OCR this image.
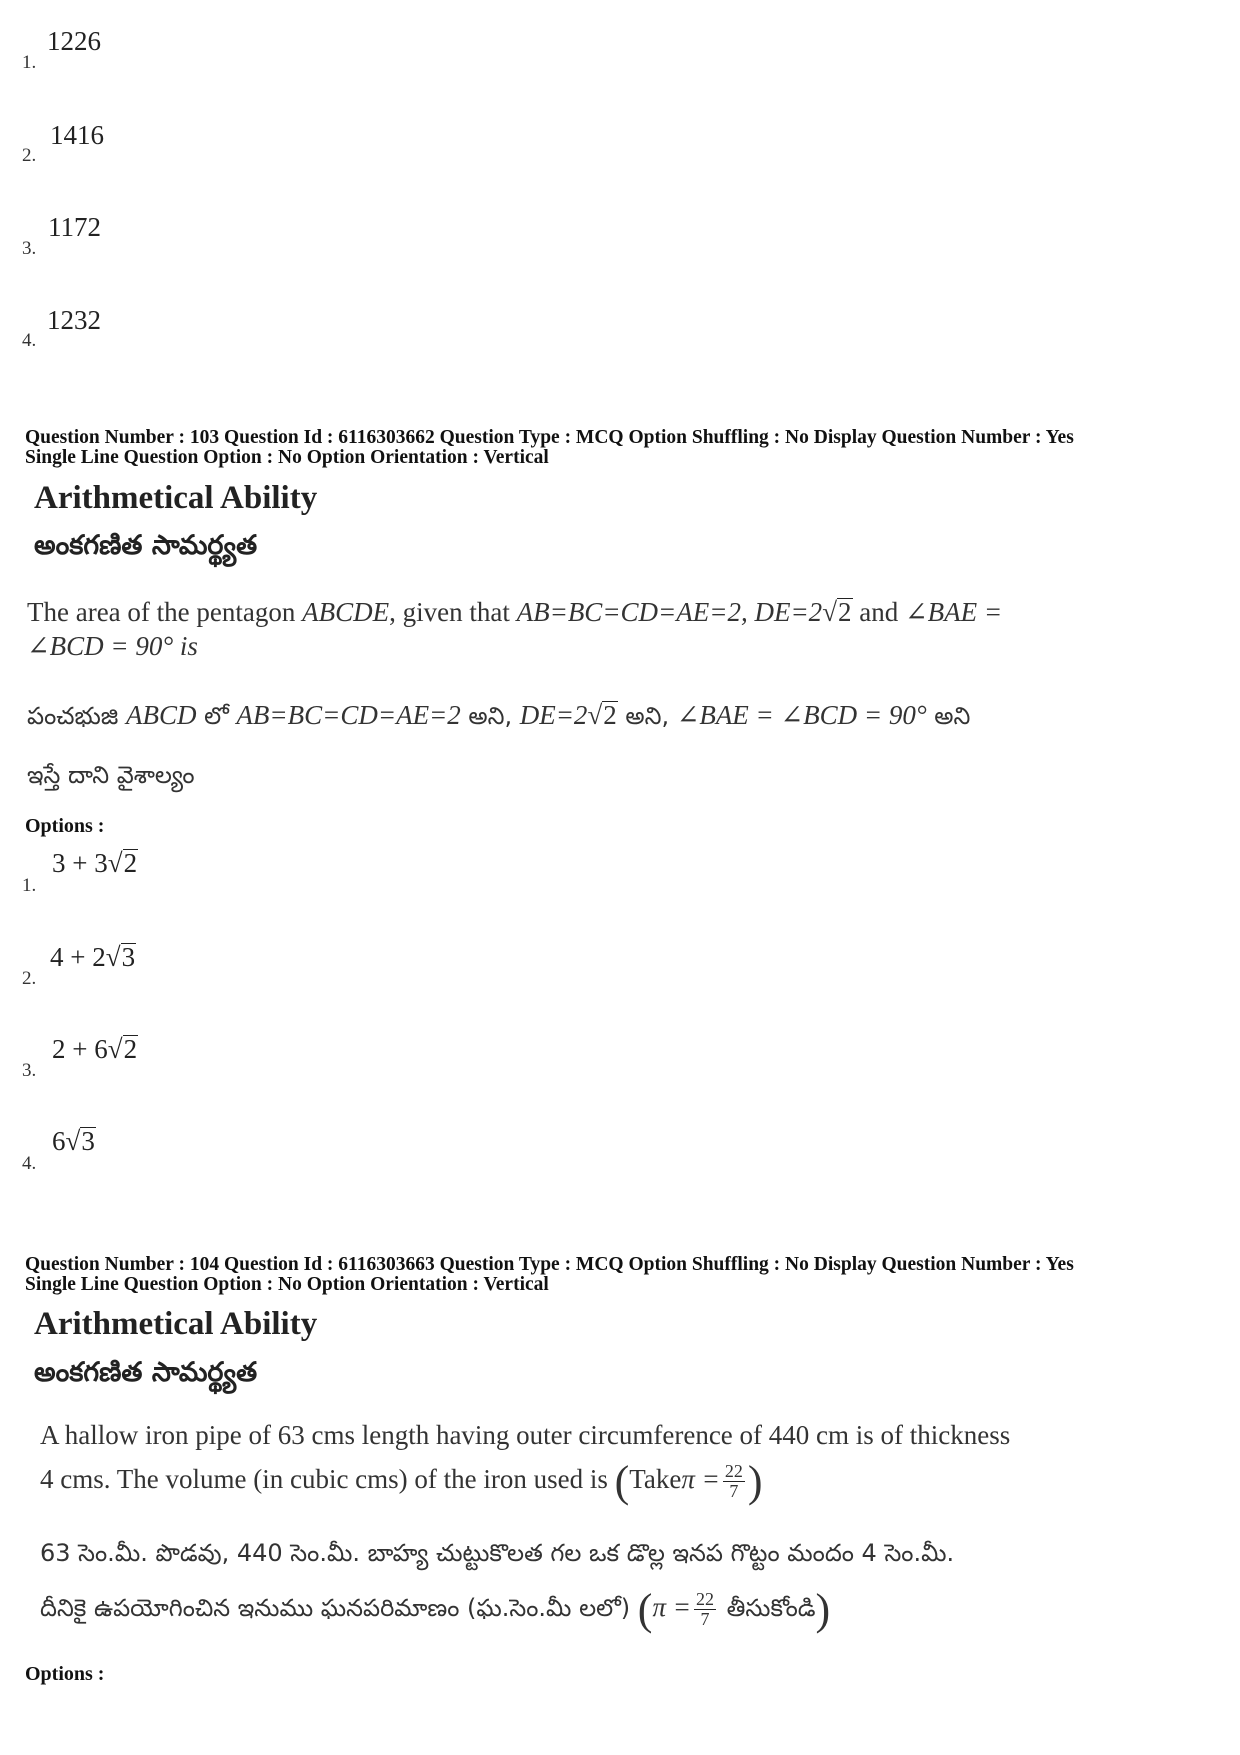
1.
1226
2.
1416
3.
1172
4.
1232
Question Number : 103 Question Id : 6116303662 Question Type : MCQ Option Shuffling : No Display Question Number : Yes
Single Line Question Option : No Option Orientation : Vertical
Arithmetical Ability
అంకగణిత సామర్థ్యత
The area of the pentagon ABCDE, given that AB=BC=CD=AE=2, DE=2√2 and ∠BAE =
∠BCD = 90° is
పంచభుజి ABCD లో AB=BC=CD=AE=2 అని, DE=2√2 అని, ∠BAE = ∠BCD = 90° అని
ఇస్తే దాని వైశాల్యం
Options :
1.
3 + 3√2
2.
4 + 2√3
3.
2 + 6√2
4.
6√3
Question Number : 104 Question Id : 6116303663 Question Type : MCQ Option Shuffling : No Display Question Number : Yes
Single Line Question Option : No Option Orientation : Vertical
Arithmetical Ability
అంకగణిత సామర్థ్యత
A hallow iron pipe of 63 cms length having outer circumference of 440 cm is of thickness
4 cms. The volume (in cubic cms) of the iron used is (Takeπ = $\frac{22}{7}$ )
63 సెం.మీ. పొడవు, 440 సెం.మీ. బాహ్య చుట్టుకొలత గల ఒక డొల్ల ఇనప గొట్టం మందం 4 సెం.మీ.
దీనికై ఉపయోగించిన ఇనుము ఘనపరిమాణం (ఘ.సెం.మీ లలో) ($\pi = \frac{22}{7}$ తీసుకోండి)
Options :
